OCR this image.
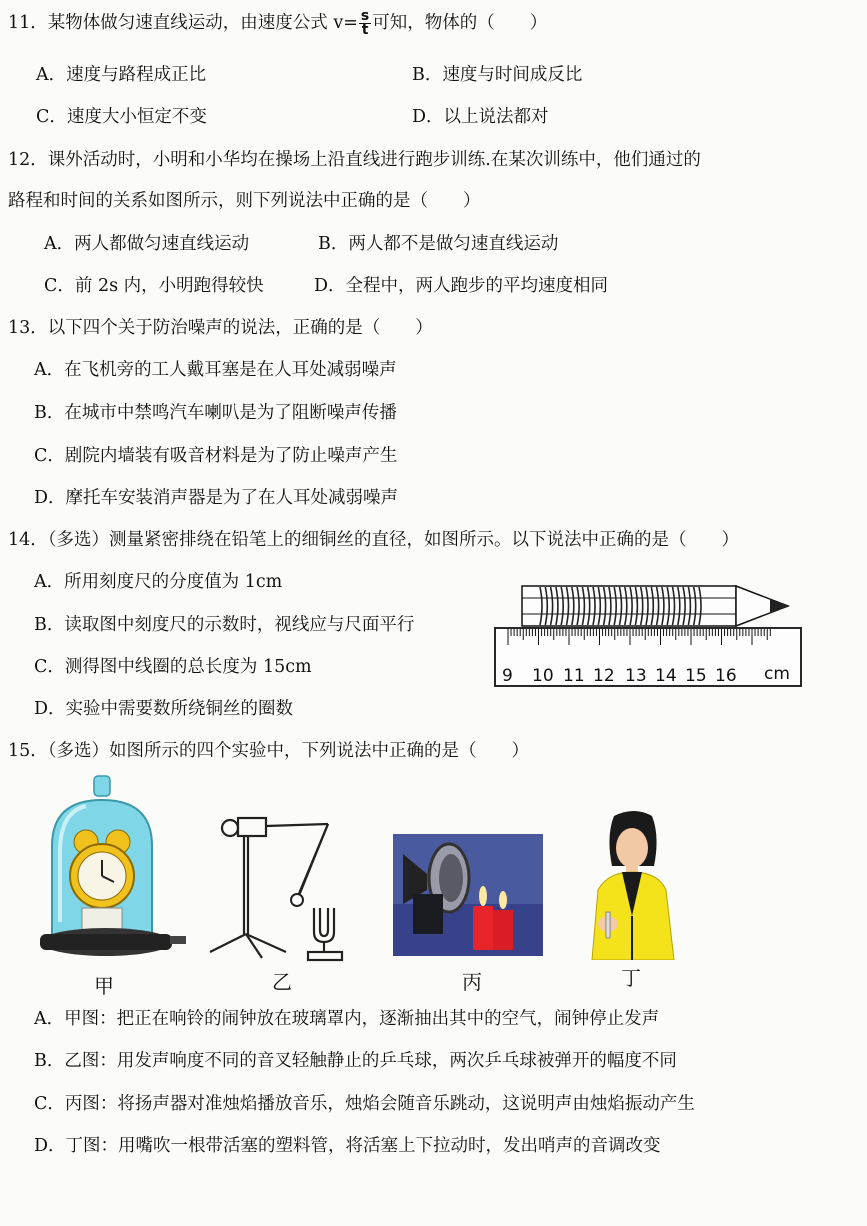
11．某物体做匀速直线运动，由速度公式 $v= \frac{s}{t}$ 可知，物体的（　　）
A．速度与路程成正比	B．速度与时间成反比
C．速度大小恒定不变	D．以上说法都对
12．课外活动时，小明和小华均在操场上沿直线进行跑步训练.在某次训练中，他们通过的
路程和时间的关系如图所示，则下列说法中正确的是（　　）
A．两人都做匀速直线运动	B．两人都不是做匀速直线运动
C．前 2s 内，小明跑得较快	D．全程中，两人跑步的平均速度相同
13．以下四个关于防治噪声的说法，正确的是（　　）
A．在飞机旁的工人戴耳塞是在人耳处减弱噪声
B．在城市中禁鸣汽车喇叭是为了阻断噪声传播
C．剧院内墙装有吸音材料是为了防止噪声产生
D．摩托车安装消声器是为了在人耳处减弱噪声
14．（多选）测量紧密排绕在铅笔上的细铜丝的直径，如图所示。以下说法中正确的是（　　）
A．所用刻度尺的分度值为 1cm
B．读取图中刻度尺的示数时，视线应与尺面平行
C．测得图中线圈的总长度为 15cm
D．实验中需要数所绕铜丝的圈数
9 10 11 12 13 14 15 16 cm
15．（多选）如图所示的四个实验中，下列说法中正确的是（　　）
甲	乙	丙	丁
A．甲图：把正在响铃的闹钟放在玻璃罩内，逐渐抽出其中的空气，闹钟停止发声
B．乙图：用发声响度不同的音叉轻触静止的乒乓球，两次乒乓球被弹开的幅度不同
C．丙图：将扬声器对准烛焰播放音乐，烛焰会随音乐跳动，这说明声由烛焰振动产生
D．丁图：用嘴吹一根带活塞的塑料管，将活塞上下拉动时，发出哨声的音调改变
